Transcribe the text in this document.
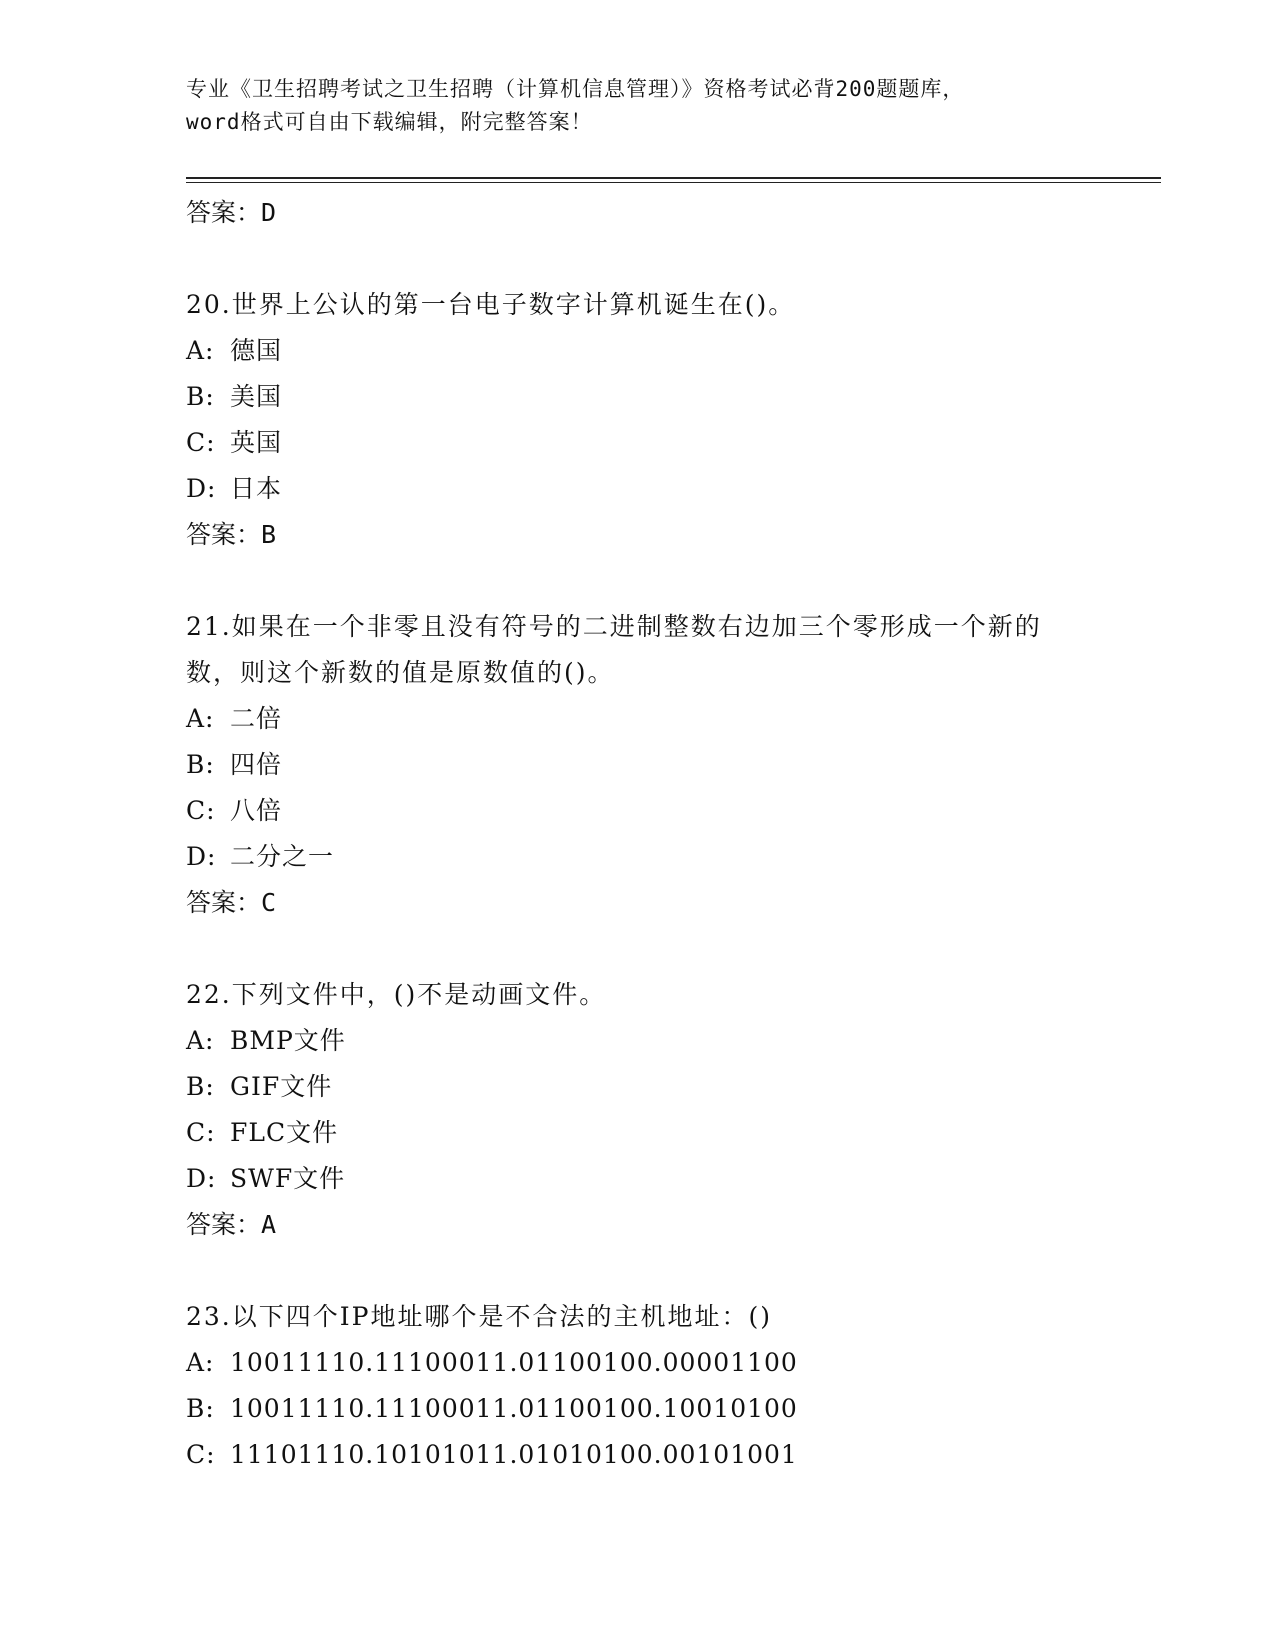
专业《卫生招聘考试之卫生招聘（计算机信息管理）》资格考试必背200题题库，
word格式可自由下载编辑，附完整答案！
答案：D
20.世界上公认的第一台电子数字计算机诞生在()。
A: 德国
B: 美国
C: 英国
D: 日本
答案：B
21.如果在一个非零且没有符号的二进制整数右边加三个零形成一个新的数，则这个新数的值是原数值的()。
A: 二倍
B: 四倍
C: 八倍
D: 二分之一
答案：C
22.下列文件中，()不是动画文件。
A: BMP文件
B: GIF文件
C: FLC文件
D: SWF文件
答案：A
23.以下四个IP地址哪个是不合法的主机地址：()
A: 10011110.11100011.01100100.00001100
B: 10011110.11100011.01100100.10010100
C: 11101110.10101011.01010100.00101001
